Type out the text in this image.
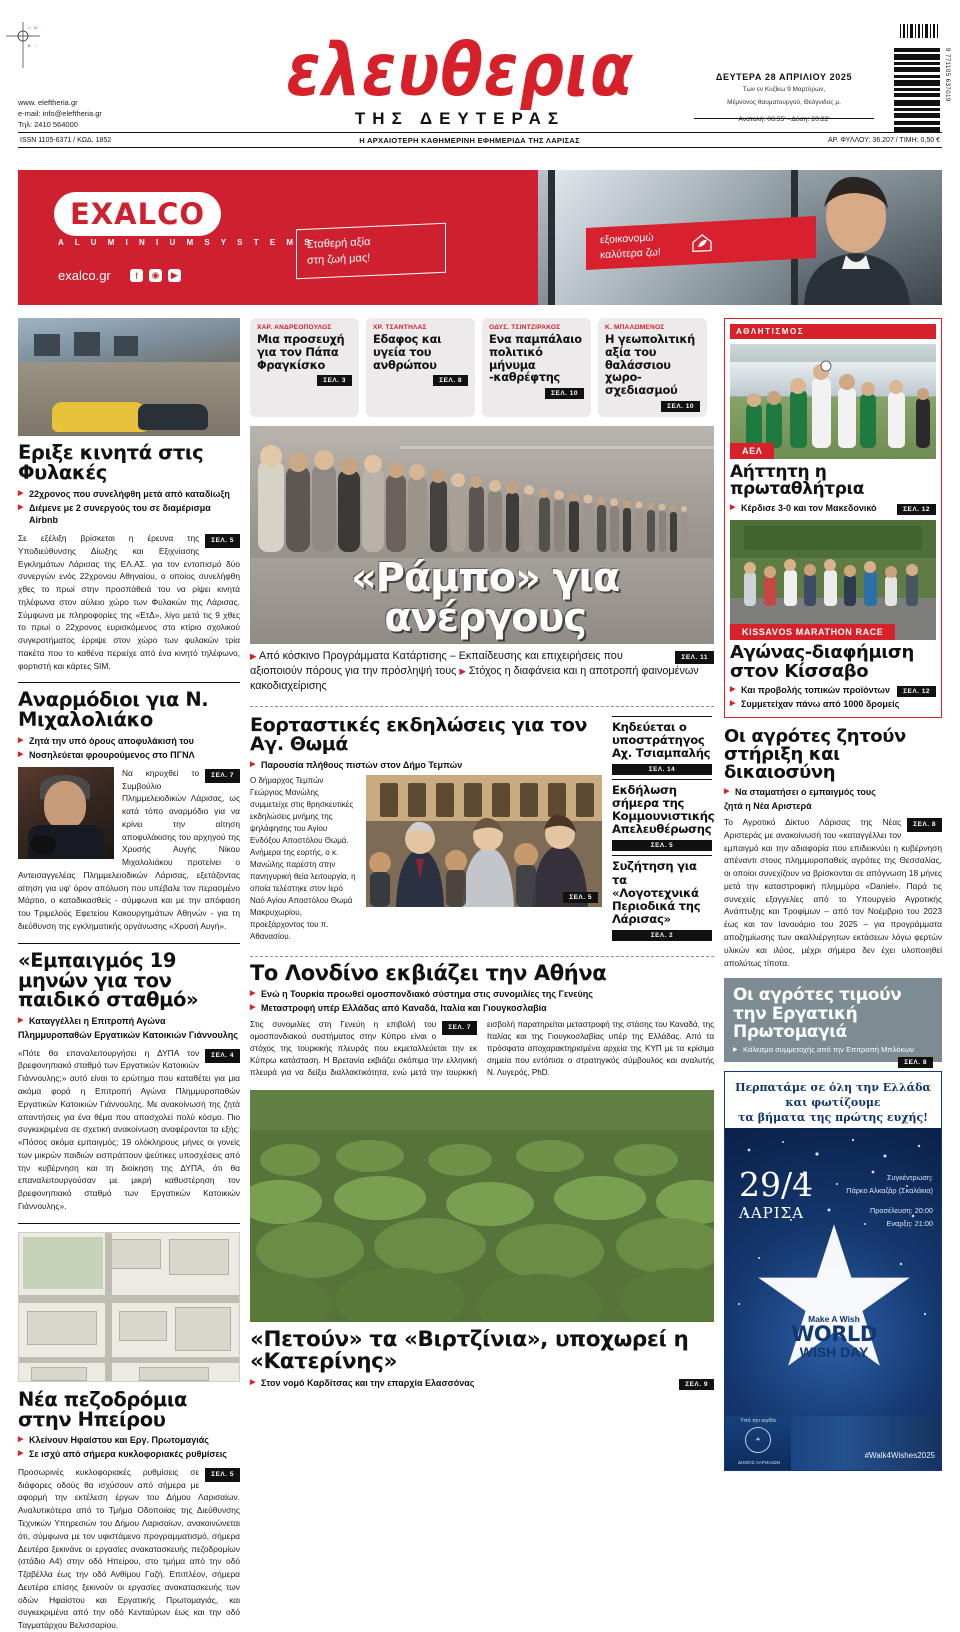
C M
K Y
www. eleftheria.gr
e-mail: info@eleftheria.gr
Τηλ: 2410 564000
ελευθερια
ΤΗΣ ΔΕΥΤΕΡΑΣ
ΔΕΥΤΕΡΑ 28 ΑΠΡΙΛΙΟΥ 2025
Των εν Κυζίκω 9 Μαρτύρων,
Μέμνονος θαυματουργού, Θεόγνιδος μ.
Ανατολή: 06:35' - Δύση: 20:22'
9 771105 637019
ISSN 1105-6371 / ΚΩΔ. 1852	Η ΑΡΧΑΙΟΤΕΡΗ ΚΑΘΗΜΕΡΙΝΗ ΕΦΗΜΕΡΙΔΑ ΤΗΣ ΛΑΡΙΣΑΣ	ΑΡ. ΦΥΛΛΟΥ: 36.207 / ΤΙΜΗ: 0,50 €
EXALCO
A L U M I N I U M S Y S T E M S
exalco.gr	f	◉	▶
Σταθερή αξία
στη ζωή μας!
εξοικονομώ
καλύτερα ζω!
Εριξε κινητά στις Φυλακές
▶ 22χρονος που συνελήφθη μετά από καταδίωξη
▶ Διέμενε με 2 συνεργούς του σε διαμέρισμα Airbnb
ΣΕΛ. 5
Σε εξέλιξη βρίσκεται η έρευνα της Υποδιεύθυνσης Δίωξης και Εξιχνίασης Εγκλημάτων Λάρισας της ΕΛ.ΑΣ. για τον εντοπισμό δύο συνεργών ενός 22χρονου Αθηναίου, ο οποίος συνελήφθη χθες το πρωί στην προσπάθειά του να ρίψει κινητά τηλέφωνα στον αύλειο χώρο των Φυλακών της Λάρισας. Σύμφωνα με πληροφορίες της «ΕτΔ», λίγο μετά τις 9 χθες το πρωί ο 22χρονος ευρισκόμενος στο κτίριο σχολικού συγκροτήματος έρριψε στον χώρο των φυλακών τρία πακέτα που το καθένα περιείχε από ένα κινητό τηλέφωνο, φορτιστή και κάρτες SIM.
Αναρμόδιοι για Ν. Μιχαλολιάκο
▶ Ζητά την υπό όρους αποφυλάκισή του
▶ Νοσηλεύεται φρουρούμενος στο ΠΓΝΛ
ΣΕΛ. 7
Να κηρυχθεί το Συμβούλιο Πλημμελειοδικών Λάρισας, ως κατά τόπο αναρμόδιο για να κρίνει την αίτηση αποφυλάκισης του αρχηγού της Χρυσής Αυγής Νίκου Μιχαλολιάκου προτείνει ο Αντεισαγγελέας Πλημμελειοδικών Λάρισας, εξετάζοντας αίτηση για υφ' όρον απόλυση που υπέβαλε τον περασμένο Μάρτιο, ο καταδικασθείς - σύμφωνα και με την απόφαση του Τριμελούς Εφετείου Κακουργημάτων Αθηνών - για τη διεύθυνση της εγκληματικής οργάνωσης «Χρυσή Αυγή».
«Εμπαιγμός 19 μηνών για τον παιδικό σταθμό»
▶ Καταγγέλλει η Επιτροπή Αγώνα
Πλημμυροπαθών Εργατικών Κατοικιών Γιάννουλης
ΣΕΛ. 4
«Πότε θα επαναλειτουργήσει η ΔΥΠΑ τον βρεφονηπιακό σταθμό των Εργατικών Κατοικιών Γιάννουλης;» αυτό είναι το ερώτημα που καταθέτει για μια ακόμα φορά η Επιτροπή Αγώνα Πλημμυροπαθών Εργατικών Κατοικιών Γιάννουλης. Με ανακοίνωσή της ζητά απαντήσεις για ένα θέμα που απασχολεί πολύ κόσμο. Πιο συγκεκριμένα σε σχετική ανακοίνωση αναφέρονται τα εξής: «Πόσος ακόμα εμπαιγμός; 19 ολόκληρους μήνες οι γονείς των μικρών παιδιών εισπράττουν ψεύτικες υποσχέσεις από την κυβέρνηση και τη διοίκηση της ΔΥΠΑ, ότι θα επαναλειτουργούσαν με μικρή καθυστέρηση τον βρεφονηπιακό σταθμό των Εργατικών Κατοικιών Γιάννουλης».
Νέα πεζοδρόμια στην Ηπείρου
▶ Κλείνουν Ηφαίστου και Εργ. Πρωτομαγιάς
▶ Σε ισχύ από σήμερα κυκλοφοριακές ρυθμίσεις
ΣΕΛ. 5
Προσωρινές κυκλοφοριακές ρυθμίσεις σε διάφορες οδούς θα ισχύσουν από σήμερα με αφορμή την εκτέλεση έργων του Δήμου Λαρισαίων. Αναλυτικότερα από το Τμήμα Οδοποιίας της Διεύθυνσης Τεχνικών Υπηρεσιών του Δήμου Λαρισαίων, ανακοινώνεται ότι, σύμφωνα με τον υφιστάμενο προγραμματισμό, σήμερα Δευτέρα ξεκινάνε οι εργασίες ανακατασκευής πεζοδρομίων (στάδιο Α4) στην οδό Ηπείρου, στο τμήμα από την οδό Τζαβέλλα έως την οδό Ανθίμου Γαζή. Επιπλέον, σήμερα Δευτέρα επίσης ξεκινούν οι εργασίες ανακατασκευής των οδών Ηφαίστου και Εργατικής Πρωτομαγιάς, και συγκεκριμένα από την οδό Κενταύρων έως και την οδό Ταγματάρχου Βελισσαρίου.
ΧΑΡ. ΑΝΔΡΕΟΠΟΥΛΟΣ
Μια προσευχή για τον Πάπα Φραγκίσκο
ΣΕΛ. 3
ΧΡ. ΤΣΑΝΤΗΛΑΣ
Εδαφος και υγεία του ανθρώπου
ΣΕΛ. 8
ΟΔΥΣ. ΤΣΙΝΤΖΙΡΑΚΟΣ
Ενα παμπάλαιο πολιτικό μήνυμα -καθρέφτης
ΣΕΛ. 10
Κ. ΜΠΑΛΩΜΕΝΟΣ
Η γεωπολιτική αξία του θαλάσσιου χωρο-σχεδιασμού
ΣΕΛ. 10
«Ράμπο» για ανέργους
ΣΕΛ. 11
▶ Από κόσκινο Προγράμματα Κατάρτισης – Εκπαίδευσης και επιχειρήσεις που αξιοποιούν πόρους για την πρόσληψή τους ▶ Στόχος η διαφάνεια και η αποτροπή φαινομένων κακοδιαχείρισης
Εορταστικές εκδηλώσεις για τον Αγ. Θωμά
▶ Παρουσία πλήθους πιστών στον Δήμο Τεμπών
Ο δήμαρχος Τεμπών Γεώργιος Μανώλης συμμετείχε στις θρησκευτικές εκδηλώσεις μνήμης της ψηλάφησης του Αγίου Ενδόξου Αποστόλου Θωμά. Ανήμερα της εορτής, ο κ. Μανώλης παρέστη στην πανηγυρική θεία λειτουργία, η οποία τελέστηκε στον Ιερό Ναό Αγίου Αποστόλου Θωμά Μακρυχωρίου, προεξάρχοντος του π. Αθανασίου.
ΣΕΛ. 5
Κηδεύεται ο υποστράτηγος Αχ. Τσιαμπαλής
ΣΕΛ. 14
Εκδήλωση σήμερα της Κομμουνιστικής Απελευθέρωσης
ΣΕΛ. 5
Συζήτηση για τα «Λογοτεχνικά Περιοδικά της Λάρισας»
ΣΕΛ. 2
Το Λονδίνο εκβιάζει την Αθήνα
▶ Ενώ η Τουρκία προωθεί ομοσπονδιακό σύστημα στις συνομιλίες της Γενεύης
▶ Μεταστροφή υπέρ Ελλάδας από Καναδά, Ιταλία και Γιουγκοσλαβία
ΣΕΛ. 7
Στις συνομιλίες στη Γενεύη η επιβολή του ομοσπονδιακού συστήματος στην Κύπρο είναι ο στόχος της τουρκικής πλευράς που εκμεταλλεύεται την εκ Κύπρω κατάσταση. Η Βρετανία εκβιάζει σκόπιμα την ελληνική πλευρά για να δείξει διαλλακτικότητα, ενώ μετά την τουρκική εισβολή παρατηρείται μεταστροφή της στάσης του Καναδά, της Ιταλίας και της Γιουγκοσλαβίας υπέρ της Ελλάδας. Από τα πρόσφατα αποχαρακτηρισμένα αρχεία της ΚΥΠ με τα κρίσιμα σημεία που εντόπισε ο στρατηγικός σύμβουλος και αναλυτής Ν. Λυγερός, PhD.
«Πετούν» τα «Βιρτζίνια», υποχωρεί η «Κατερίνης»
ΣΕΛ. 9
▶ Στον νομό Καρδίτσας και την επαρχία Ελασσόνας
ΑΘΛΗΤΙΣΜΟΣ
ΑΕΛ
Αήττητη η πρωταθλήτρια
ΣΕΛ. 12
▶ Κέρδισε 3-0 και τον Μακεδονικό
KISSAVOS MARATHON RACE
Αγώνας-διαφήμιση στον Κίσσαβο
ΣΕΛ. 12
▶ Και προβολής τοπικών προϊόντων
▶ Συμμετείχαν πάνω από 1000 δρομείς
Οι αγρότες ζητούν στήριξη και δικαιοσύνη
▶ Να σταματήσει ο εμπαιγμός τους
ζητά η Νέα Αριστερά
ΣΕΛ. 8
Το Αγροτικό Δίκτυο Λάρισας της Νέας Αριστεράς με ανακοίνωσή του «καταγγέλλει τον εμπαιγμό και την αδιαφορία που επιδεικνύει η κυβέρνηση απέναντι στους πλημμυροπαθείς αγρότες της Θεσσαλίας, οι οποίοι συνεχίζουν να βρίσκονται σε απόγνωση 18 μήνες μετά την καταστροφική πλημμύρα «Daniel». Παρά τις συνεχείς εξαγγελίες από το Υπουργείο Αγροτικής Ανάπτυξης και Τροφίμων – από τον Νοέμβριο του 2023 έως και τον Ιανουάριο του 2025 – για προγράμματα αποζημίωσης των ακαλλιέργητων εκτάσεων λόγω φερτών υλικών και ιλύος, μέχρι σήμερα δεν έχει υλοποιηθεί απολύτως τίποτα.
Οι αγρότες τιμούν την Εργατική Πρωτομαγιά
▶ Κάλεσμα συμμετοχής από την Επιτροπή Μπλόκων
ΣΕΛ. 8
Περπατάμε σε όλη την Ελλάδα και φωτίζουμε
τα βήματα της πρώτης ευχής!
29/4
ΛΑΡΙΣΑ
Συγκέντρωση:
Πάρκο Αλκαζάρ (Σκαλάκια)
Προσέλευση: 20:00
Εναρξη: 21:00
Make A Wish
WORLD
WISH DAY
Υπό την αιγίδα
☘
ΔΗΜΟΣ ΛΑΡΙΣΑΙΩΝ
#Walk4Wishes2025
